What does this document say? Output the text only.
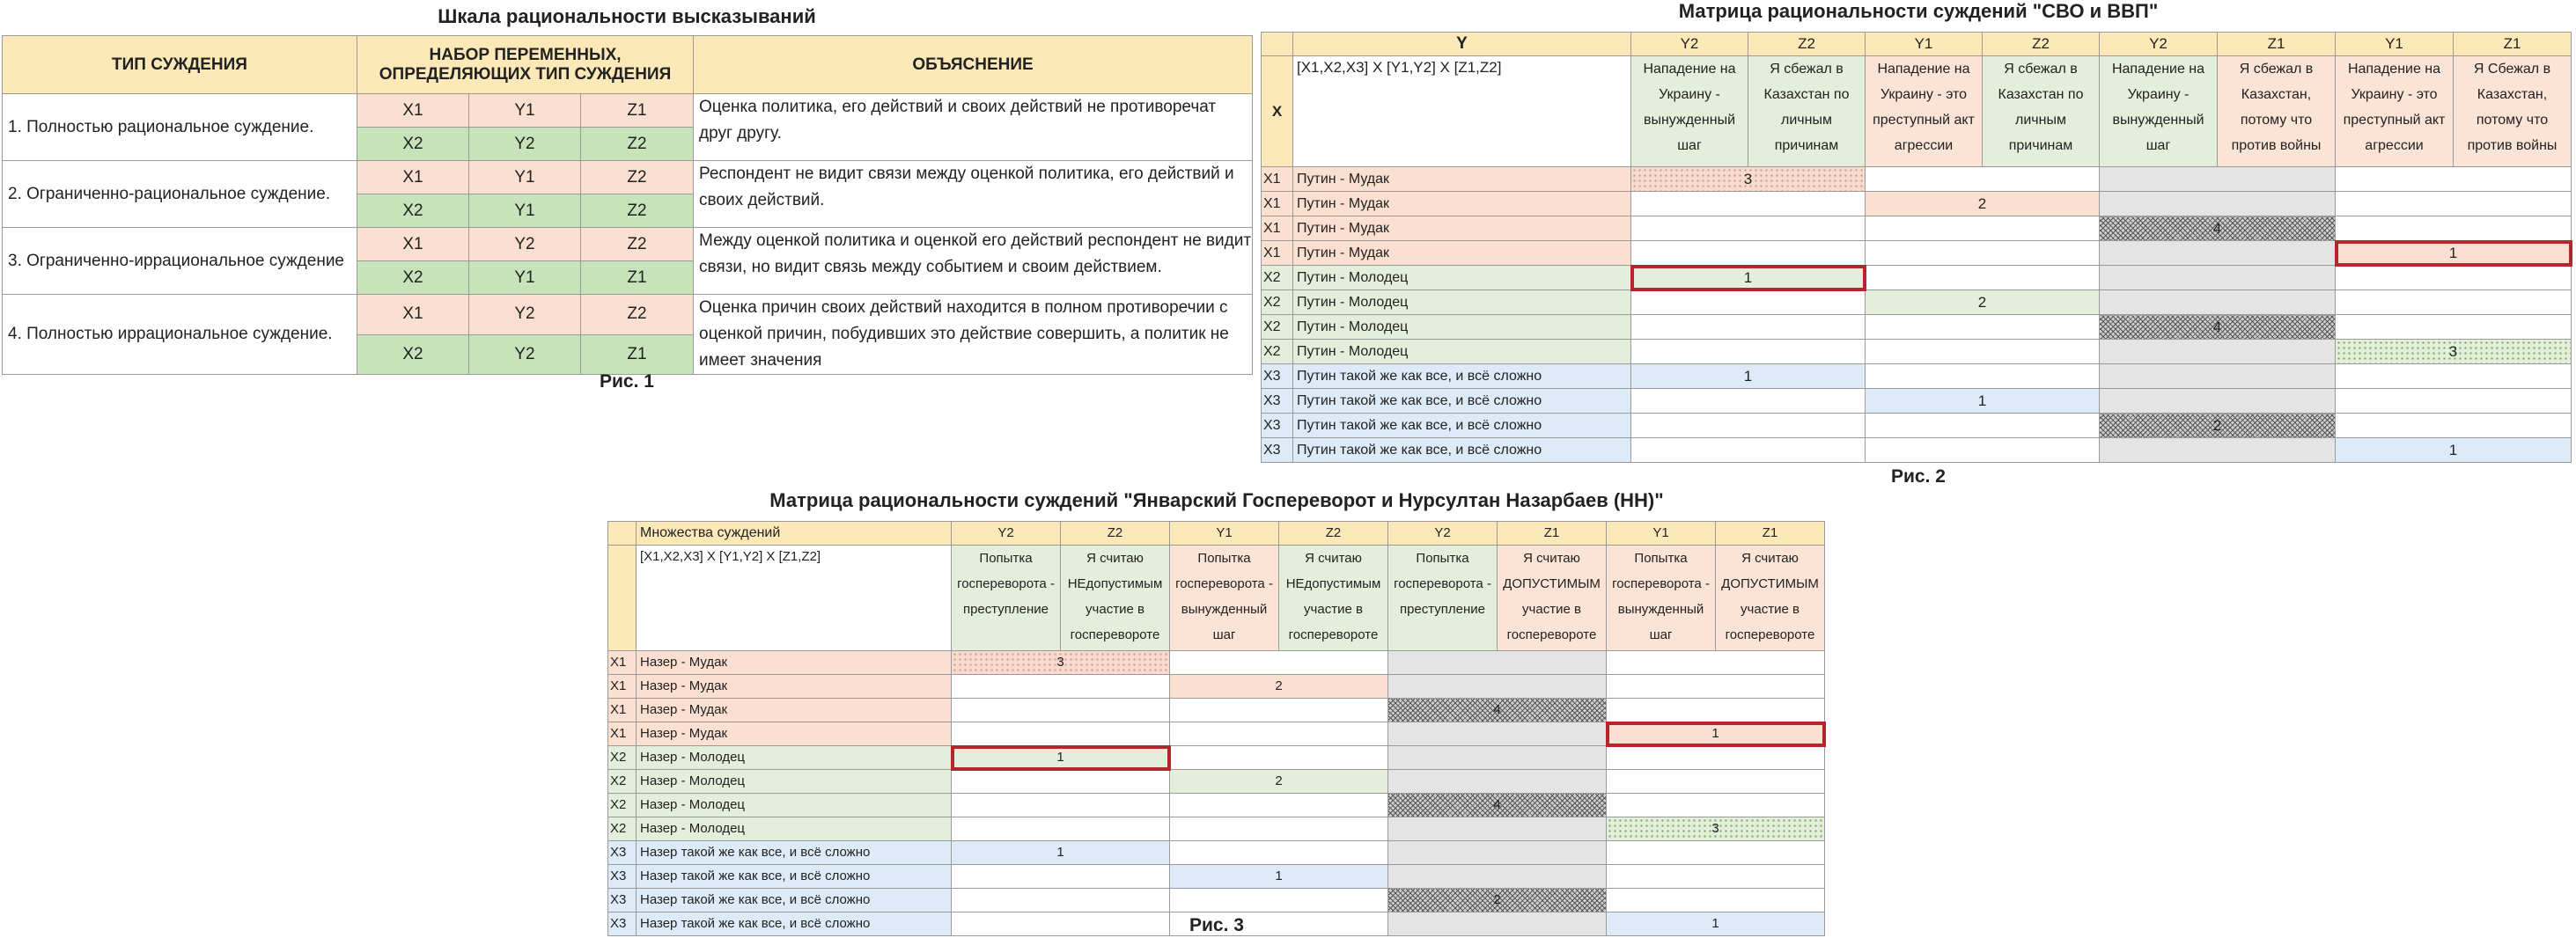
Шкала рациональности высказываний
ТИП СУЖДЕНИЯ	НАБОР ПЕРЕМЕННЫХ, ОПРЕДЕЛЯЮЩИХ ТИП СУЖДЕНИЯ			ОБЪЯСНЕНИЕ
1. Полностью рациональное суждение.	X1	Y1	Z1	Оценка политика, его действий и своих действий не противоречат друг другу.
	X2	Y2	Z2	
2. Ограниченно-рациональное суждение.	X1	Y1	Z2	Респондент не видит связи между оценкой политика, его действий и своих действий.
	X2	Y1	Z2	
3. Ограниченно-иррациональное суждение	X1	Y2	Z2	Между оценкой политика и оценкой его действий респондент не видит связи, но видит связь между событием и своим действием.
	X2	Y1	Z1	
4. Полностью иррациональное суждение.	X1	Y2	Z2	Оценка причин своих действий находится в полном противоречии с оценкой причин, побудивших это действие совершить, а политик не имеет значения
	X2	Y2	Z1	
Рис. 1
Матрица рациональности суждений "СВО и ВВП"
	Y	Y2	Z2	Y1	Z2	Y2	Z1	Y1	Z1
X	[X1,X2,X3] X [Y1,Y2] X [Z1,Z2]	Нападение на Украину - вынужденный шаг	Я сбежал в Казахстан по личным причинам	Нападение на Украину - это преступный акт агрессии	Я сбежал в Казахстан по личным причинам	Нападение на Украину - вынужденный шаг	Я сбежал в Казахстан, потому что против войны	Нападение на Украину - это преступный акт агрессии	Я Сбежал в Казахстан, потому что против войны
X1	Путин - Мудак	3							
X1	Путин - Мудак			2					
X1	Путин - Мудак					4			
X1	Путин - Мудак							1	
X2	Путин - Молодец	1							
X2	Путин - Молодец			2					
X2	Путин - Молодец					4			
X2	Путин - Молодец							3	
X3	Путин такой же как все, и всё сложно	1							
X3	Путин такой же как все, и всё сложно			1					
X3	Путин такой же как все, и всё сложно					2			
X3	Путин такой же как все, и всё сложно							1	
Рис. 2
Матрица рациональности суждений "Январский Госпереворот и Нурсултан Назарбаев (НН)"
	Множества суждений	Y2	Z2	Y1	Z2	Y2	Z1	Y1	Z1
	[X1,X2,X3] X [Y1,Y2] X [Z1,Z2]	Попытка госпереворота - преступление	Я считаю НЕдопустимым участие в госперевороте	Попытка госпереворота - вынужденный шаг	Я считаю НЕдопустимым участие в госперевороте	Попытка госпереворота - преступление	Я считаю ДОПУСТИМЫМ участие в госперевороте	Попытка госпереворота - вынужденный шаг	Я считаю ДОПУСТИМЫМ участие в госперевороте
X1	Назер - Мудак	3							
X1	Назер - Мудак			2					
X1	Назер - Мудак					4			
X1	Назер - Мудак							1	
X2	Назер - Молодец	1							
X2	Назер - Молодец			2					
X2	Назер - Молодец					4			
X2	Назер - Молодец							3	
X3	Назер такой же как все, и всё сложно	1							
X3	Назер такой же как все, и всё сложно			1					
X3	Назер такой же как все, и всё сложно					2			
X3	Назер такой же как все, и всё сложно							1	
Рис. 3
